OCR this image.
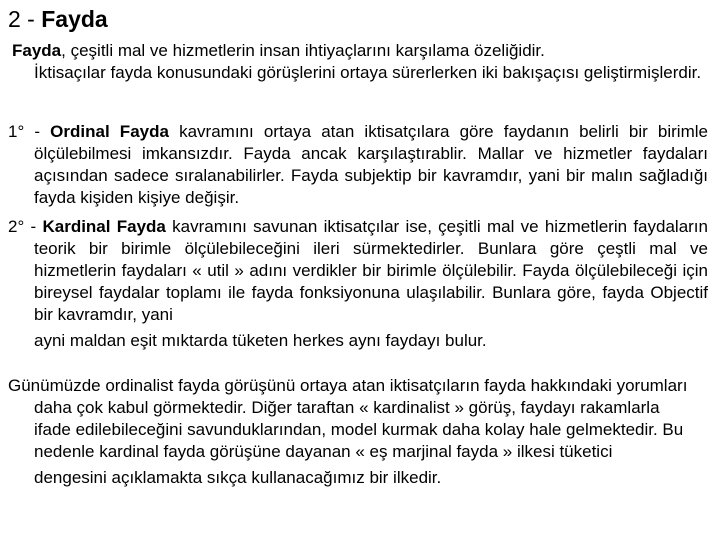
2 - Fayda
Fayda, çeşitli mal ve hizmetlerin insan ihtiyaçlarını karşılama özeliğidir.
İktisaçılar fayda konusundaki görüşlerini ortaya sürerlerken iki bakışaçısı geliştirmişlerdir.
1° - Ordinal Fayda kavramını ortaya atan iktisatçılara göre faydanın belirli bir birimle ölçülebilmesi imkansızdır. Fayda ancak karşılaştırablir. Mallar ve hizmetler faydaları açısından sadece sıralanabilirler. Fayda subjektip bir kavramdır, yani bir malın sağladığı fayda kişiden kişiye değişir.
2° - Kardinal Fayda kavramını savunan iktisatçılar ise, çeşitli mal ve hizmetlerin faydaların teorik bir birimle ölçülebileceğini ileri sürmektedirler. Bunlara göre çeştli mal ve hizmetlerin faydaları « util » adını verdikler bir birimle ölçülebilir. Fayda ölçülebileceği için bireysel faydalar toplamı ile fayda fonksiyonuna ulaşılabilir. Bunlara göre, fayda Objectif bir kavramdır, yani
ayni maldan eşit mıktarda tüketen herkes aynı faydayı bulur.
Günümüzde ordinalist fayda görüşünü ortaya atan iktisatçıların fayda hakkındaki yorumları daha çok kabul görmektedir. Diğer taraftan « kardinalist » görüş, faydayı rakamlarla ifade edilebileceğini savunduklarından, model kurmak daha kolay hale gelmektedir. Bu nedenle kardinal fayda görüşüne dayanan « eş marjinal fayda » ilkesi tüketici
dengesini açıklamakta sıkça kullanacağımız bir ilkedir.
